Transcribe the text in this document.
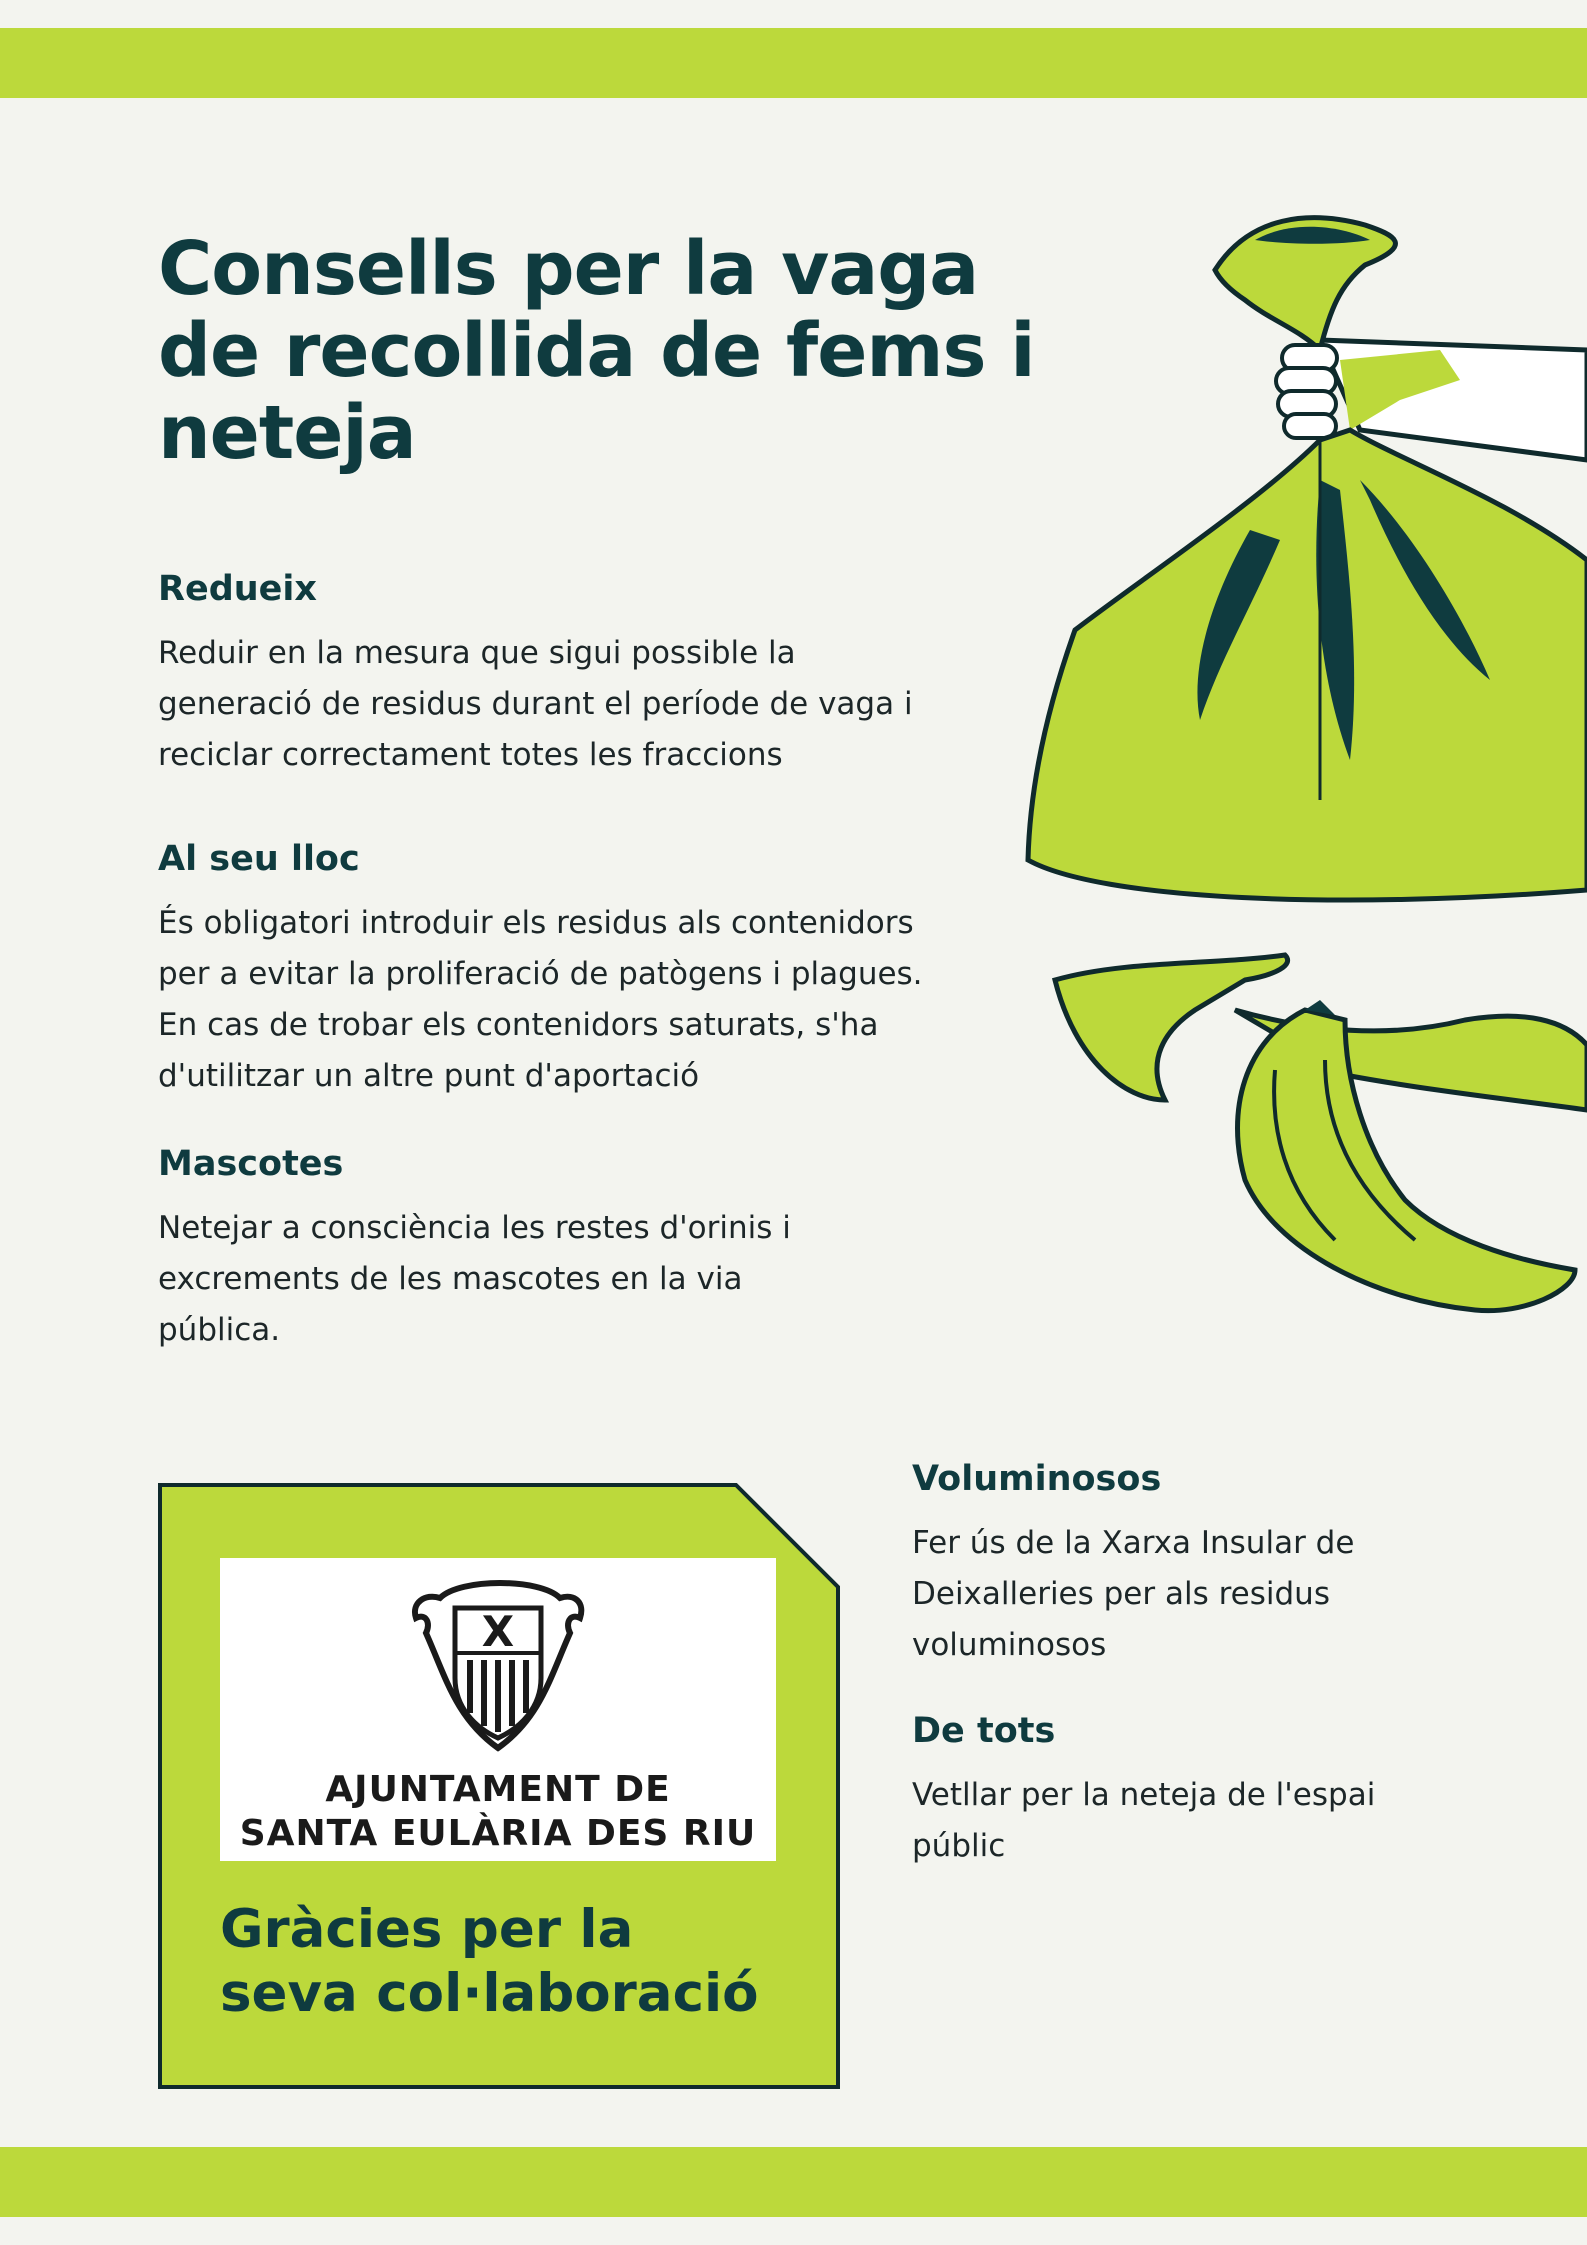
Consells per la vaga de recollida de fems i neteja
Redueix

Reduir en la mesura que sigui possible la
generació de residus durant el període de vaga i
reciclar correctament totes les fraccions

Al seu lloc

És obligatori introduir els residus als contenidors
per a evitar la proliferació de patògens i plagues.
En cas de trobar els contenidors saturats, s'ha
d'utilitzar un altre punt d'aportació

Mascotes

Netejar a consciència les restes d'orinis i
excrements de les mascotes en la via
pública.

Voluminosos

Fer ús de la Xarxa Insular de
Deixalleries per als residus
voluminosos

De tots

Vetllar per la neteja de l'espai
públic

X
AJUNTAMENT DE
SANTA EULÀRIA DES RIU

Gràcies per la
seva col·laboració
